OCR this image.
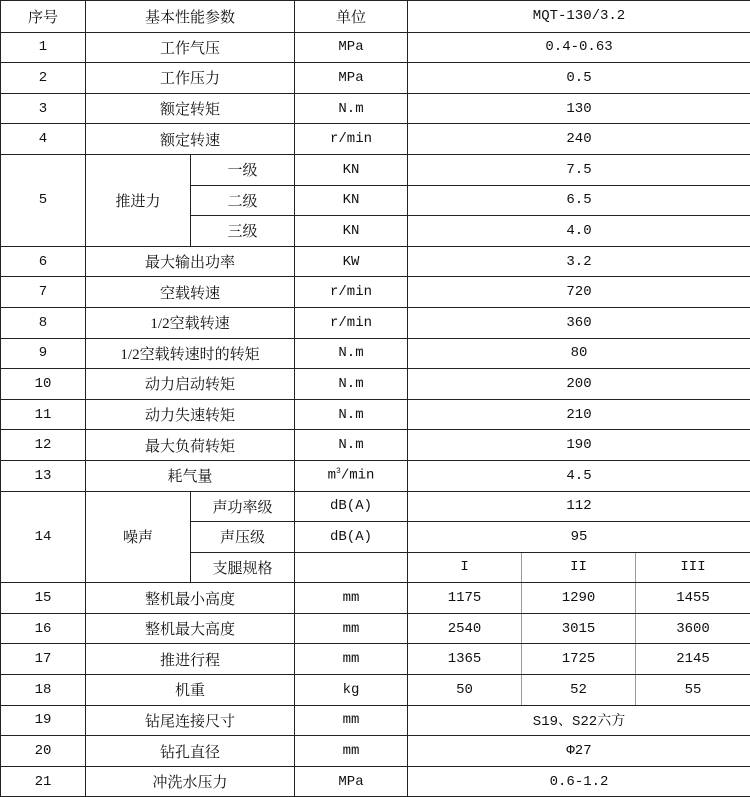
序号	基本性能参数		单位	MQT-130/3.2		
1	工作气压		MPa	0.4-0.63		
2	工作压力		MPa	0.5		
3	额定转矩		N.m	130		
4	额定转速		r/min	240		
5	推进力	一级	KN	7.5		
		二级	KN	6.5		
		三级	KN	4.0		
6	最大输出功率		KW	3.2		
7	空载转速		r/min	720		
8	1/2空载转速		r/min	360		
9	1/2空载转速时的转矩		N.m	80		
10	动力启动转矩		N.m	200		
11	动力失速转矩		N.m	210		
12	最大负荷转矩		N.m	190		
13	耗气量		$m^3/\min$	4.5		
14	噪声	声功率级	dB(A)	112		
		声压级	dB(A)	95		
		支腿规格		I	II	III
15	整机最小高度		mm	1175	1290	1455
16	整机最大高度		mm	2540	3015	3600
17	推进行程		mm	1365	1725	2145
18	机重		kg	50	52	55
19	钻尾连接尺寸		mm	S19、S22六方		
20	钻孔直径		mm	Φ27		
21	冲洗水压力		MPa	0.6-1.2		
